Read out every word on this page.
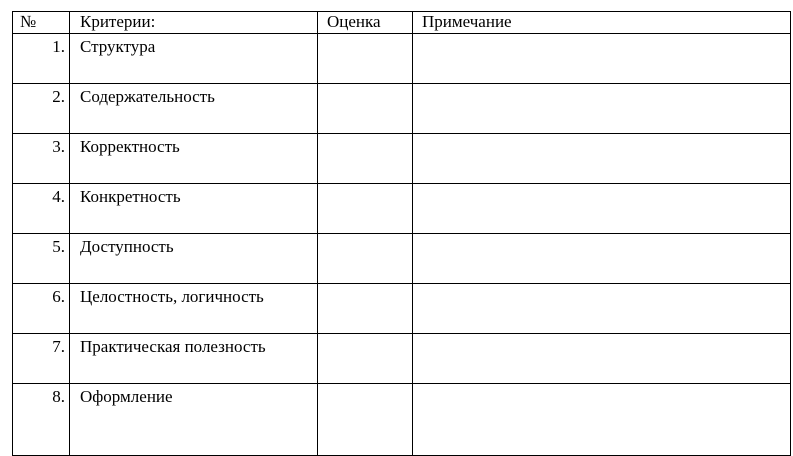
№	Критерии:	Оценка	Примечание
1.	Структура		
2.	Содержательность		
3.	Корректность		
4.	Конкретность		
5.	Доступность		
6.	Целостность, логичность		
7.	Практическая полезность		
8.	Оформление		
